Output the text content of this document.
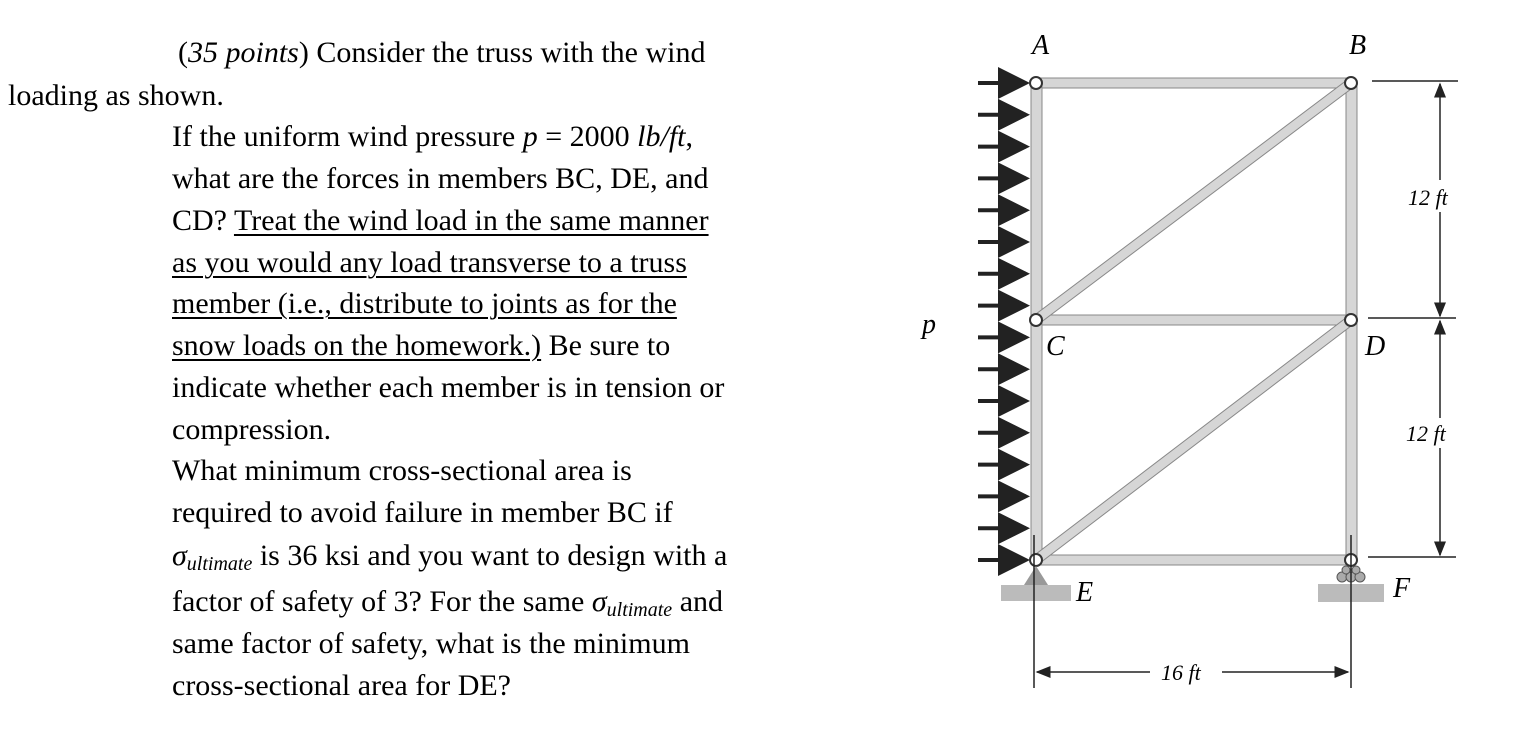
(35 points) Consider the truss with the wind
loading as shown.
If the uniform wind pressure p = 2000 lb/ft,
what are the forces in members BC, DE, and
CD? Treat the wind load in the same manner
as you would any load transverse to a truss
member (i.e., distribute to joints as for the
snow loads on the homework.) Be sure to
indicate whether each member is in tension or
compression.
What minimum cross-sectional area is
required to avoid failure in member BC if
$\sigma_{ultimate}$ is 36 ksi and you want to design with a
factor of safety of 3? For the same $\sigma_{ultimate}$ and
same factor of safety, what is the minimum
cross-sectional area for DE?
A	B
C	D
E	F
p
12 ft
12 ft
16 ft
